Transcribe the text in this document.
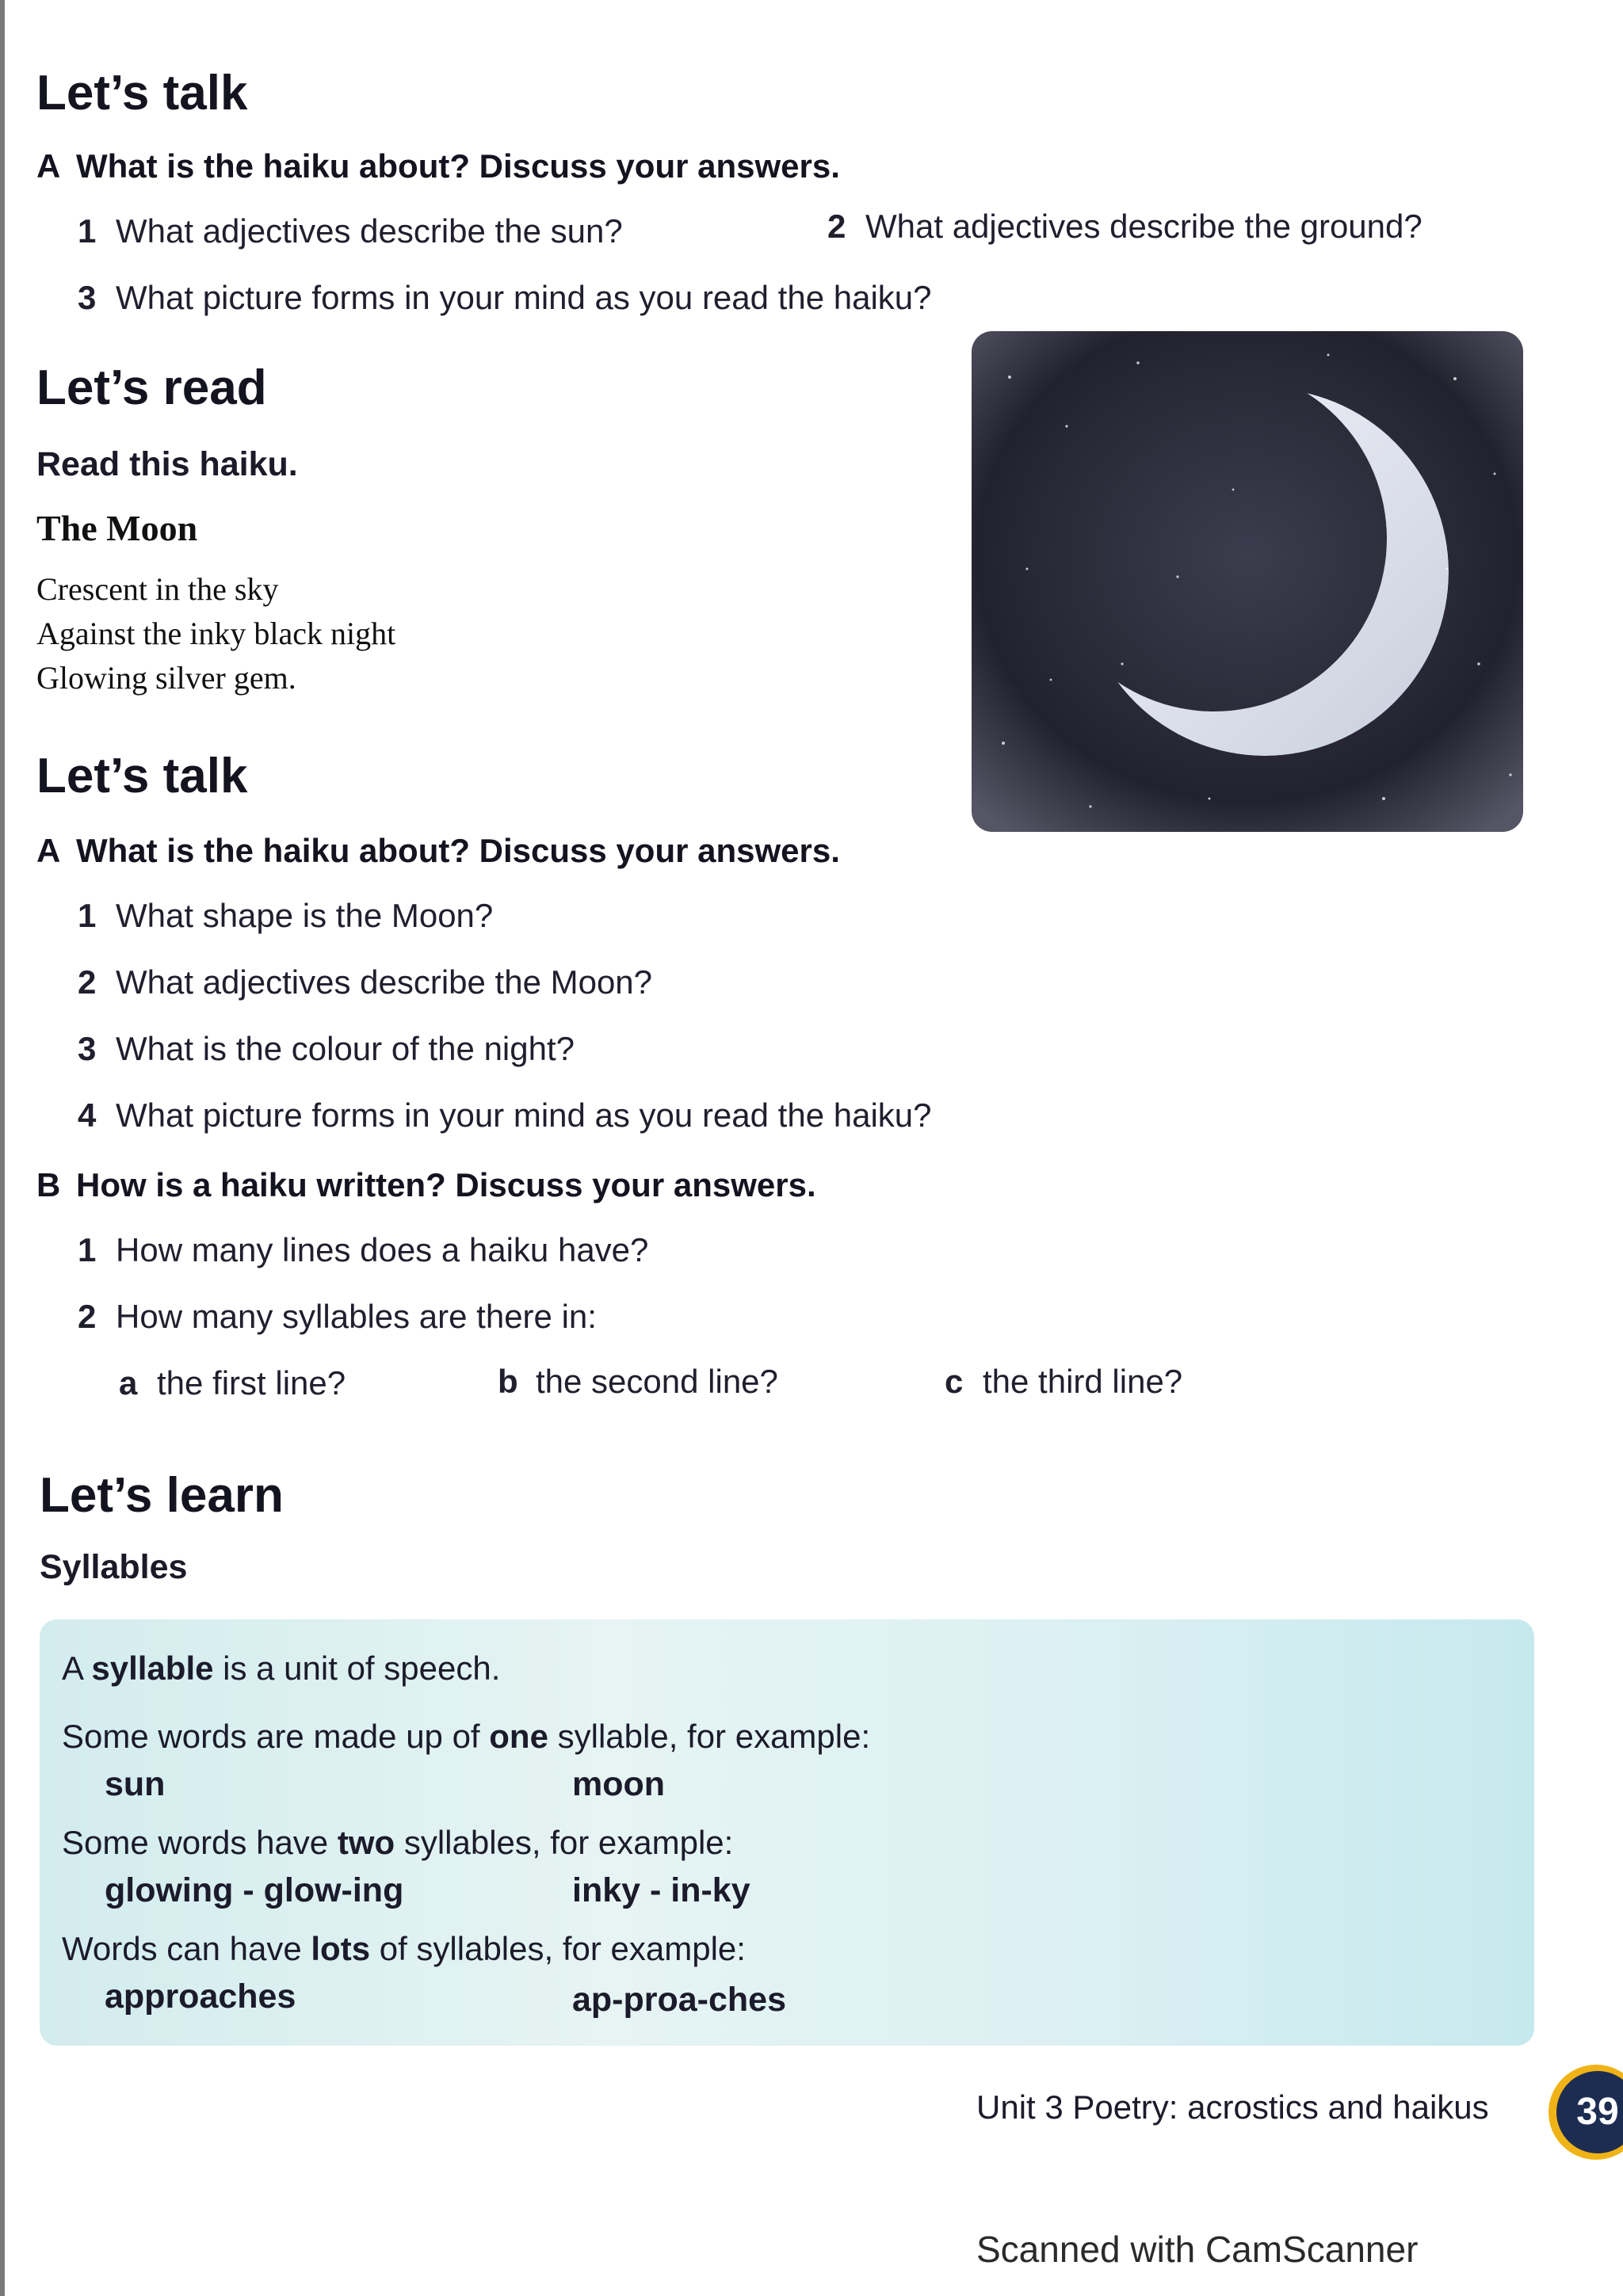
Let’s talk
A What is the haiku about? Discuss your answers.
1 What adjectives describe the sun?	2 What adjectives describe the ground?
3 What picture forms in your mind as you read the haiku?
Let’s read
Read this haiku.
The Moon
Crescent in the sky
Against the inky black night
Glowing silver gem.
Let’s talk
A What is the haiku about? Discuss your answers.
1 What shape is the Moon?
2 What adjectives describe the Moon?
3 What is the colour of the night?
4 What picture forms in your mind as you read the haiku?
B How is a haiku written? Discuss your answers.
1 How many lines does a haiku have?
2 How many syllables are there in:
a the first line?	b the second line?	c the third line?
Let’s learn
Syllables
A syllable is a unit of speech.
Some words are made up of one syllable, for example:
sun	moon
Some words have two syllables, for example:
glowing - glow-ing	inky - in-ky
Words can have lots of syllables, for example:
approaches	ap-proa-ches
Unit 3 Poetry: acrostics and haikus	39
Scanned with CamScanner
